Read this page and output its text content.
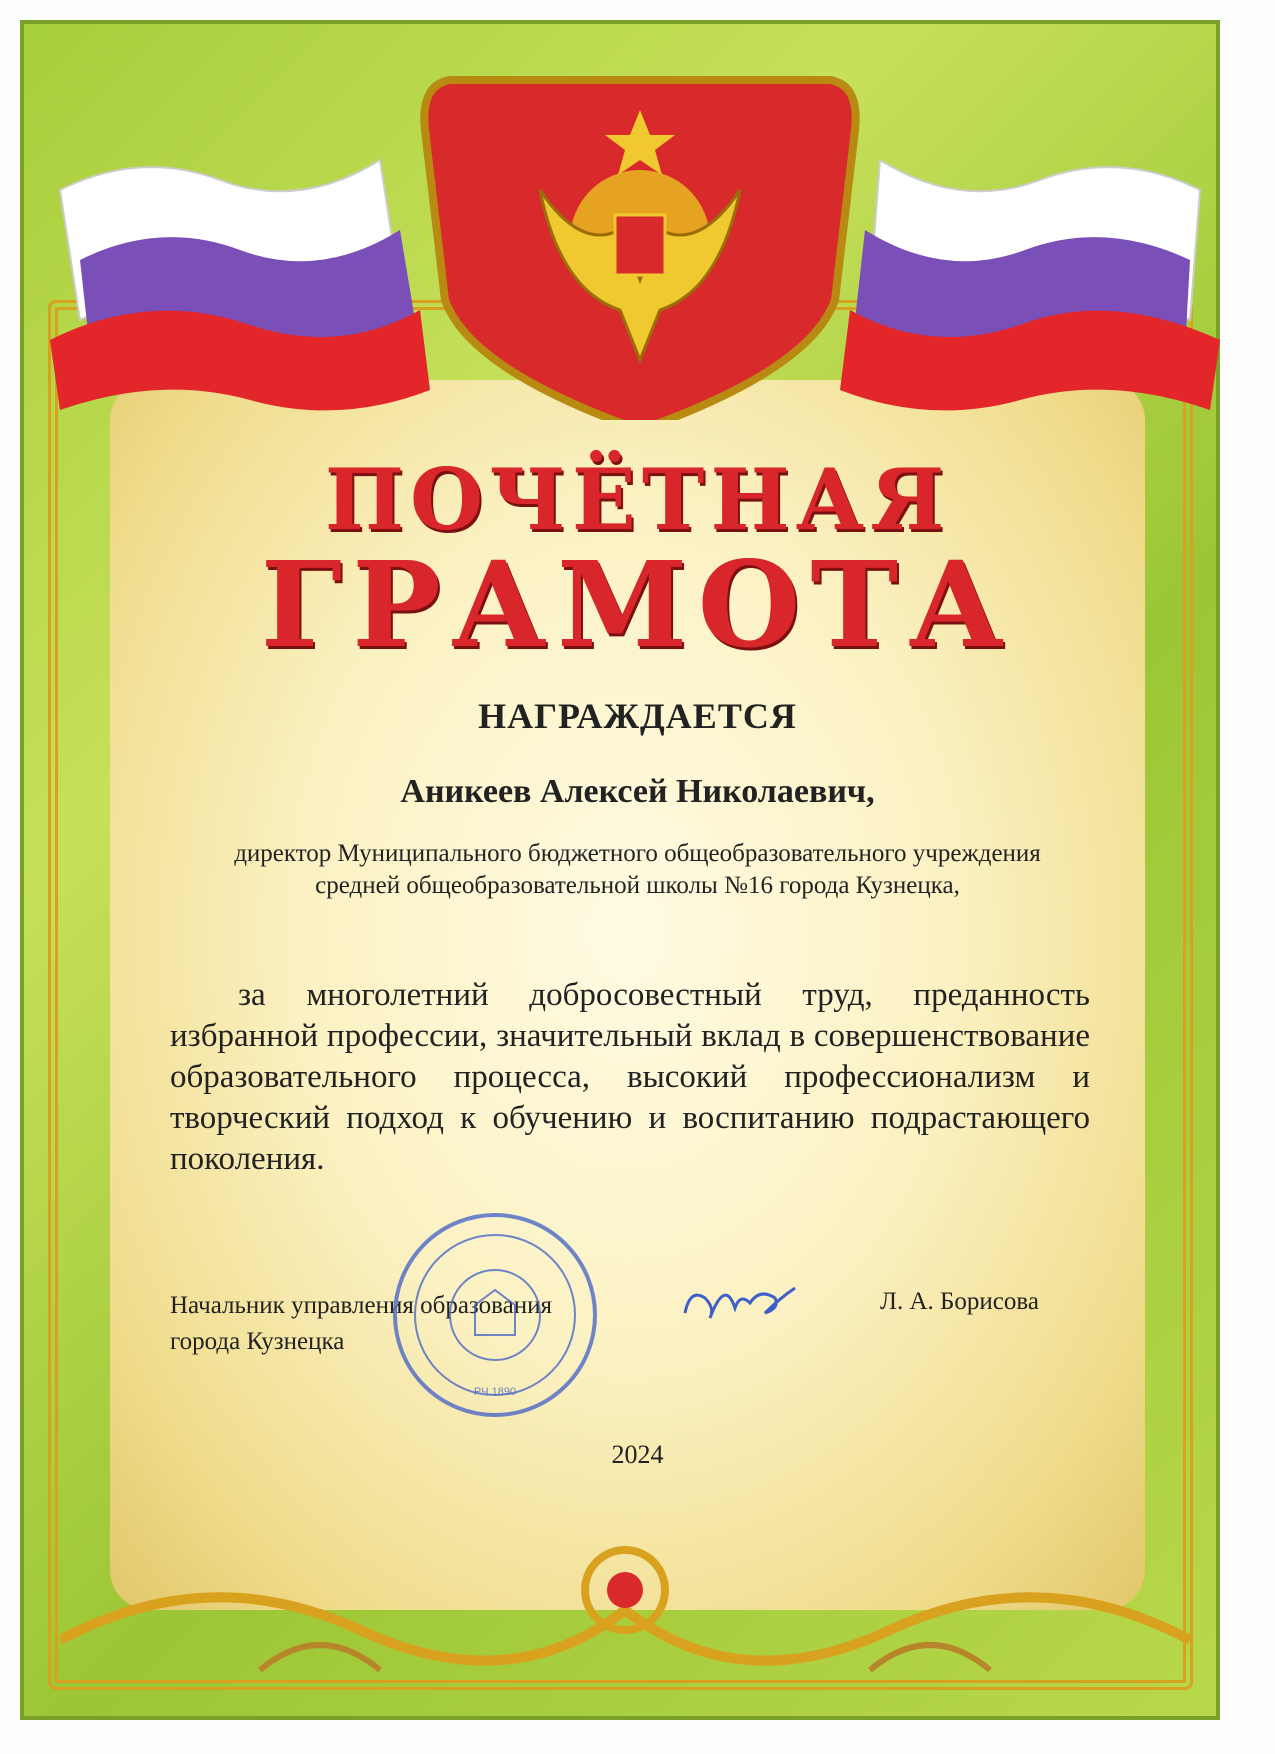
ПОЧЁТНАЯ
ГРАМОТА
НАГРАЖДАЕТСЯ
Аникеев Алексей Николаевич,
директор Муниципального бюджетного общеобразовательного учреждения средней общеобразовательной школы №16 города Кузнецка,
за многолетний добросовестный труд, преданность избранной профессии, значительный вклад в совершенствование образовательного процесса, высокий профессионализм и творческий подход к обучению и воспитанию подрастающего поколения.
Начальник управления образования
города Кузнецка
Л. А. Борисова
РЧ.1890
2024
